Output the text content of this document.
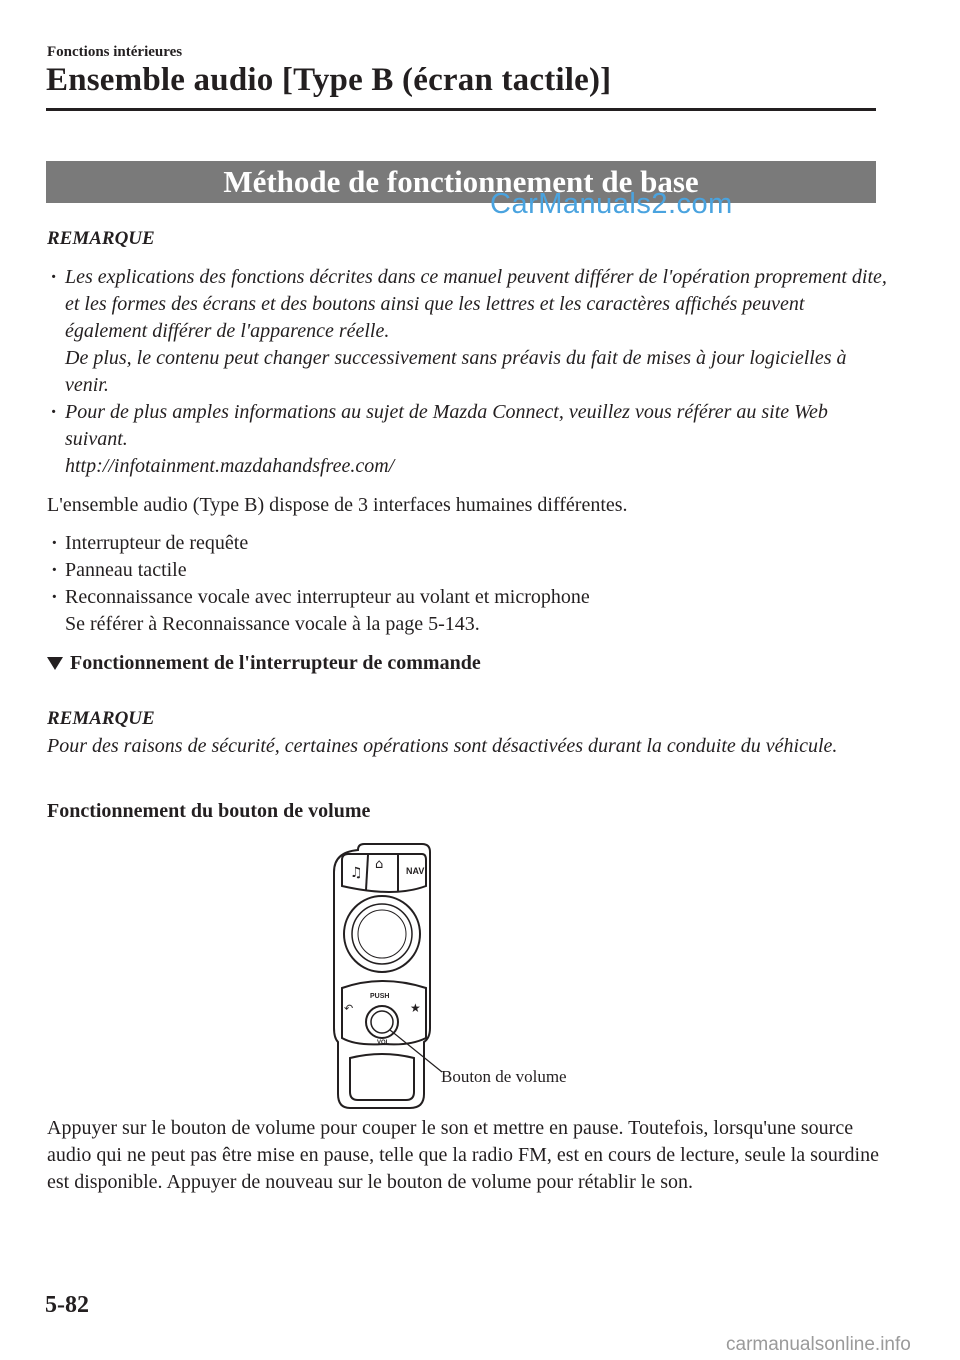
Fonctions intérieures
Ensemble audio [Type B (écran tactile)]
Méthode de fonctionnement de base
CarManuals2.com
REMARQUE
· Les explications des fonctions décrites dans ce manuel peuvent différer de l'opération proprement dite, et les formes des écrans et des boutons ainsi que les lettres et les caractères affichés peuvent également différer de l'apparence réelle.
De plus, le contenu peut changer successivement sans préavis du fait de mises à jour logicielles à venir.
· Pour de plus amples informations au sujet de Mazda Connect, veuillez vous référer au site Web suivant.
http://infotainment.mazdahandsfree.com/
L'ensemble audio (Type B) dispose de 3 interfaces humaines différentes.
· Interrupteur de requête
· Panneau tactile
· Reconnaissance vocale avec interrupteur au volant et microphone
Se référer à Reconnaissance vocale à la page 5-143.
Fonctionnement de l'interrupteur de commande
REMARQUE
Pour des raisons de sécurité, certaines opérations sont désactivées durant la conduite du véhicule.
Fonctionnement du bouton de volume
♫
⌂	NAV
PUSH
↶	★
VOL
Bouton de volume
Appuyer sur le bouton de volume pour couper le son et mettre en pause. Toutefois, lorsqu'une source audio qui ne peut pas être mise en pause, telle que la radio FM, est en cours de lecture, seule la sourdine est disponible. Appuyer de nouveau sur le bouton de volume pour rétablir le son.
5-82
carmanualsonline.info
